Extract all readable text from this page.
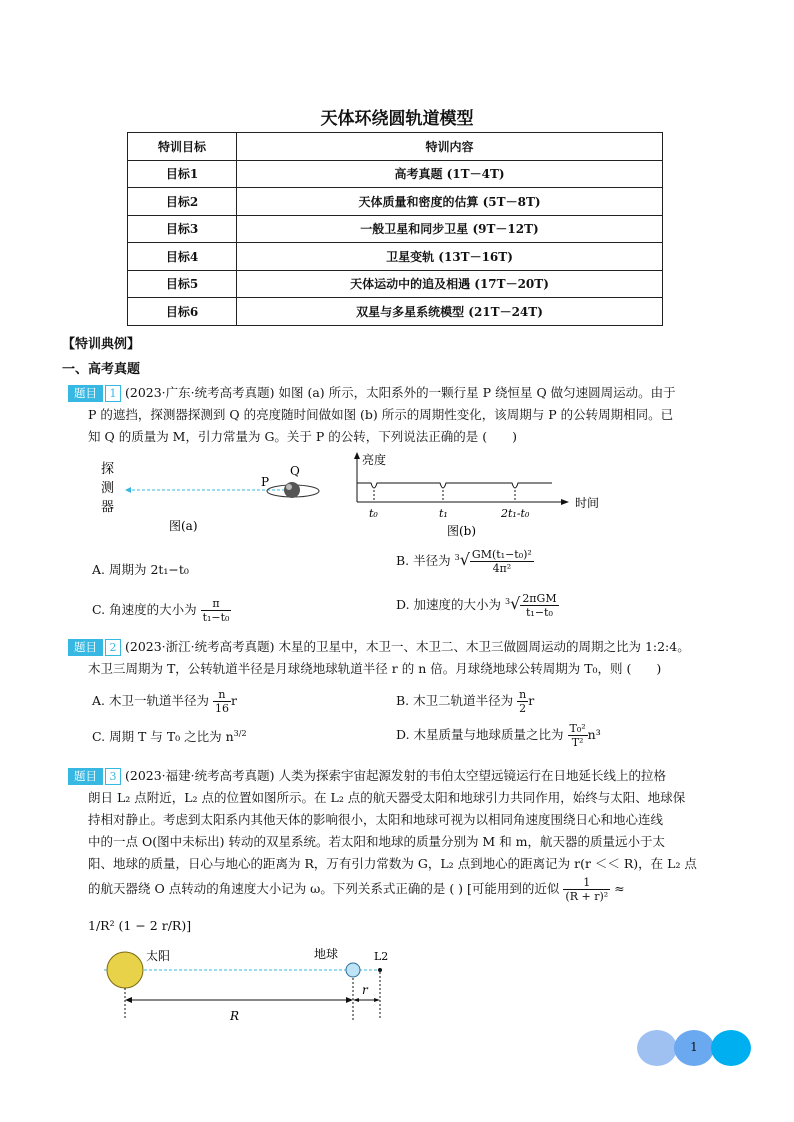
天体环绕圆轨道模型
特训目标	特训内容
目标1	高考真题 (1T－4T)
目标2	天体质量和密度的估算 (5T－8T)
目标3	一般卫星和同步卫星 (9T－12T)
目标4	卫星变轨 (13T－16T)
目标5	天体运动中的追及相遇 (17T－20T)
目标6	双星与多星系统模型 (21T－24T)
【特训典例】
一、高考真题
题目 1 (2023·广东·统考高考真题) 如图 (a) 所示，太阳系外的一颗行星 P 绕恒星 Q 做匀速圆周运动。由于
P 的遮挡，探测器探测到 Q 的亮度随时间做如图 (b) 所示的周期性变化，该周期与 P 的公转周期相同。已
知 Q 的质量为 M，引力常量为 G。关于 P 的公转，下列说法正确的是 (　　)
探
测
器
P
Q
图(a)
亮度
时间
t₀	t₁	2t₁-t₀
图(b)
A. 周期为 2t₁−t₀
B. 半径为 $^3√ \frac{\text{GM(t₁−t₀)²}}{\text{4π²}}$
C. 角速度的大小为 $\frac{\pi}{\text{t₁−t₀}}$	D. 加速度的大小为 $^3√ \frac{\text{2πGM}}{\text{t₁−t₀}}$
题目 2 (2023·浙江·统考高考真题) 木星的卫星中，木卫一、木卫二、木卫三做圆周运动的周期之比为 1:2:4。
木卫三周期为 T，公转轨道半径是月球绕地球轨道半径 r 的 n 倍。月球绕地球公转周期为 T₀，则 (　　)
A. 木卫一轨道半径为 $\frac{n}{16}$ r	B. 木卫二轨道半径为 $\frac{n}{2}$ r
C. 周期 T 与 T₀ 之比为 $n^{3/2}$	D. 木星质量与地球质量之比为 $\frac{\text{T₀²}}{\text{T²}} n^3$
题目 3 (2023·福建·统考高考真题) 人类为探索宇宙起源发射的韦伯太空望远镜运行在日地延长线上的拉格
朗日 L₂ 点附近，L₂ 点的位置如图所示。在 L₂ 点的航天器受太阳和地球引力共同作用，始终与太阳、地球保
持相对静止。考虑到太阳系内其他天体的影响很小，太阳和地球可视为以相同角速度围绕日心和地心连线
中的一点 O(图中未标出) 转动的双星系统。若太阳和地球的质量分别为 M 和 m，航天器的质量远小于太
阳、地球的质量，日心与地心的距离为 R，万有引力常数为 G，L₂ 点到地心的距离记为 r(r ＜＜ R)，在 L₂ 点
的航天器绕 O 点转动的角速度大小记为 ω。下列关系式正确的是 ( ) [可能用到的近似 $\frac{1}{\text{(R + r)²}}$ ≈
1/R² (1 − 2 r/R)]
太阳	地球	L2
R
r
1
